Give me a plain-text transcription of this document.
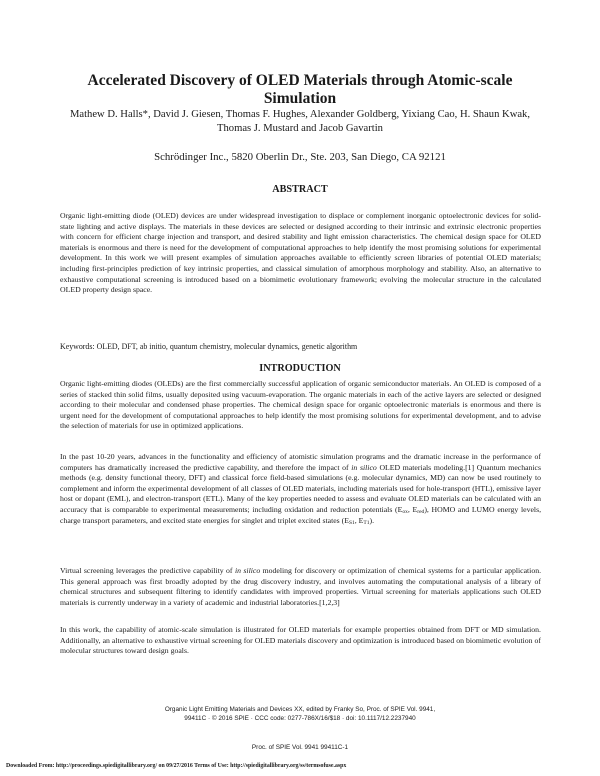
Accelerated Discovery of OLED Materials through Atomic-scale Simulation
Mathew D. Halls*, David J. Giesen, Thomas F. Hughes, Alexander Goldberg, Yixiang Cao, H. Shaun Kwak, Thomas J. Mustard and Jacob Gavartin
Schrödinger Inc., 5820 Oberlin Dr., Ste. 203, San Diego, CA 92121
ABSTRACT

Organic light-emitting diode (OLED) devices are under widespread investigation to displace or complement inorganic optoelectronic devices for solid-state lighting and active displays. The materials in these devices are selected or designed according to their intrinsic and extrinsic electronic properties with concern for efficient charge injection and transport, and desired stability and light emission characteristics. The chemical design space for OLED materials is enormous and there is need for the development of computational approaches to help identify the most promising solutions for experimental development. In this work we will present examples of simulation approaches available to efficiently screen libraries of potential OLED materials; including first-principles prediction of key intrinsic properties, and classical simulation of amorphous morphology and stability. Also, an alternative to exhaustive computational screening is introduced based on a biomimetic evolutionary framework; evolving the molecular structure in the calculated OLED property design space.

Keywords: OLED, DFT, ab initio, quantum chemistry, molecular dynamics, genetic algorithm

INTRODUCTION

Organic light-emitting diodes (OLEDs) are the first commercially successful application of organic semiconductor materials. An OLED is composed of a series of stacked thin solid films, usually deposited using vacuum-evaporation. The organic materials in each of the active layers are selected or designed according to their molecular and condensed phase properties. The chemical design space for organic optoelectronic materials is enormous and there is urgent need for the development of computational approaches to help identify the most promising solutions for experimental development, and to advise the selection of materials for use in optimized applications.

In the past 10-20 years, advances in the functionality and efficiency of atomistic simulation programs and the dramatic increase in the performance of computers has dramatically increased the predictive capability, and therefore the impact of in silico OLED materials modeling.[1] Quantum mechanics methods (e.g. density functional theory, DFT) and classical force field-based simulations (e.g. molecular dynamics, MD) can now be used routinely to complement and inform the experimental development of all classes of OLED materials, including materials used for hole-transport (HTL), emissive layer host or dopant (EML), and electron-transport (ETL). Many of the key properties needed to assess and evaluate OLED materials can be calculated with an accuracy that is comparable to experimental measurements; including oxidation and reduction potentials ($E_{ox}$, $E_{red}$), HOMO and LUMO energy levels, charge transport parameters, and excited state energies for singlet and triplet excited states ($E_{S1}$, $E_{T1}$).

Virtual screening leverages the predictive capability of in silico modeling for discovery or optimization of chemical systems for a particular application. This general approach was first broadly adopted by the drug discovery industry, and involves automating the computational analysis of a library of chemical structures and subsequent filtering to identify candidates with improved properties. Virtual screening for materials applications such OLED materials is currently underway in a variety of academic and industrial laboratories.[1,2,3]

In this work, the capability of atomic-scale simulation is illustrated for OLED materials for example properties obtained from DFT or MD simulation. Additionally, an alternative to exhaustive virtual screening for OLED materials discovery and optimization is introduced based on biomimetic evolution of molecular structures toward design goals.

Organic Light Emitting Materials and Devices XX, edited by Franky So, Proc. of SPIE Vol. 9941,
99411C · © 2016 SPIE · CCC code: 0277-786X/16/$18 · doi: 10.1117/12.2237940
Proc. of SPIE Vol. 9941 99411C-1
Downloaded From: http://proceedings.spiedigitallibrary.org/ on 09/27/2016 Terms of Use: http://spiedigitallibrary.org/ss/termsofuse.aspx
